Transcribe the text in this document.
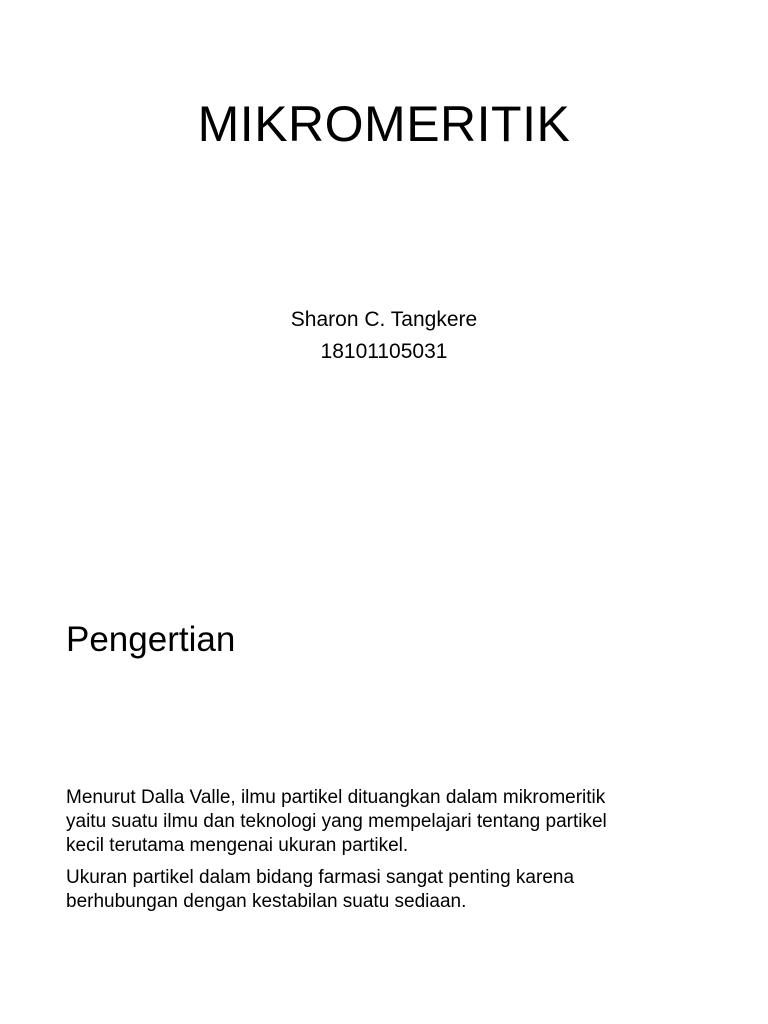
MIKROMERITIK
Sharon C. Tangkere
18101105031
Pengertian

Menurut Dalla Valle, ilmu partikel dituangkan dalam mikromeritik yaitu suatu ilmu dan teknologi yang mempelajari tentang partikel kecil terutama mengenai ukuran partikel.

Ukuran partikel dalam bidang farmasi sangat penting karena berhubungan dengan kestabilan suatu sediaan.
